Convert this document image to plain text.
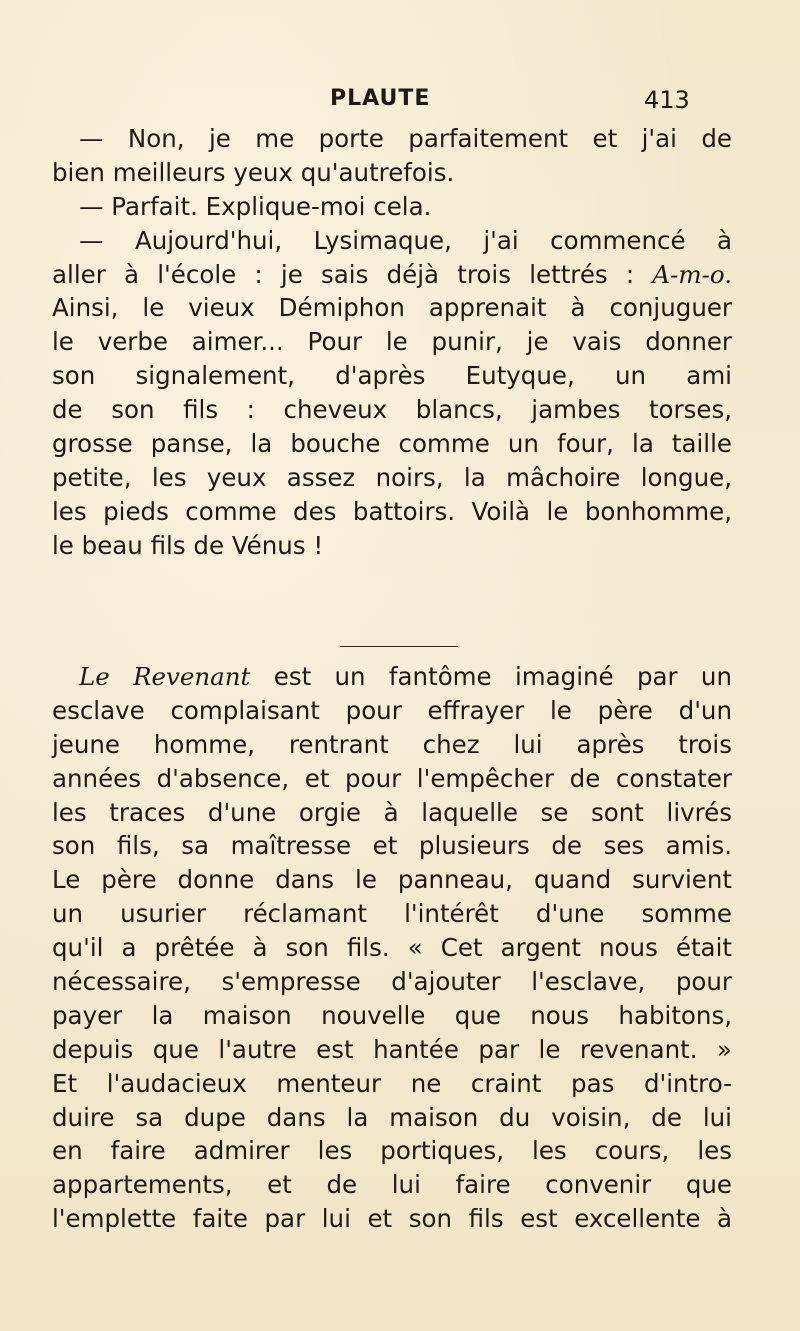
PLAUTE	413
— Non, je me porte parfaitement et j'ai de
bien meilleurs yeux qu'autrefois.
— Parfait. Explique-moi cela.
— Aujourd'hui, Lysimaque, j'ai commencé à
aller à l'école : je sais déjà trois lettrés : A-m-o.
Ainsi, le vieux Démiphon apprenait à conjuguer
le verbe aimer... Pour le punir, je vais donner
son signalement, d'après Eutyque, un ami
de son fils : cheveux blancs, jambes torses,
grosse panse, la bouche comme un four, la taille
petite, les yeux assez noirs, la mâchoire longue,
les pieds comme des battoirs. Voilà le bonhomme,
le beau fils de Vénus !
Le Revenant est un fantôme imaginé par un
esclave complaisant pour effrayer le père d'un
jeune homme, rentrant chez lui après trois
années d'absence, et pour l'empêcher de constater
les traces d'une orgie à laquelle se sont livrés
son fils, sa maîtresse et plusieurs de ses amis.
Le père donne dans le panneau, quand survient
un usurier réclamant l'intérêt d'une somme
qu'il a prêtée à son fils. « Cet argent nous était
nécessaire, s'empresse d'ajouter l'esclave, pour
payer la maison nouvelle que nous habitons,
depuis que l'autre est hantée par le revenant. »
Et l'audacieux menteur ne craint pas d'intro-
duire sa dupe dans la maison du voisin, de lui
en faire admirer les portiques, les cours, les
appartements, et de lui faire convenir que
l'emplette faite par lui et son fils est excellente à
